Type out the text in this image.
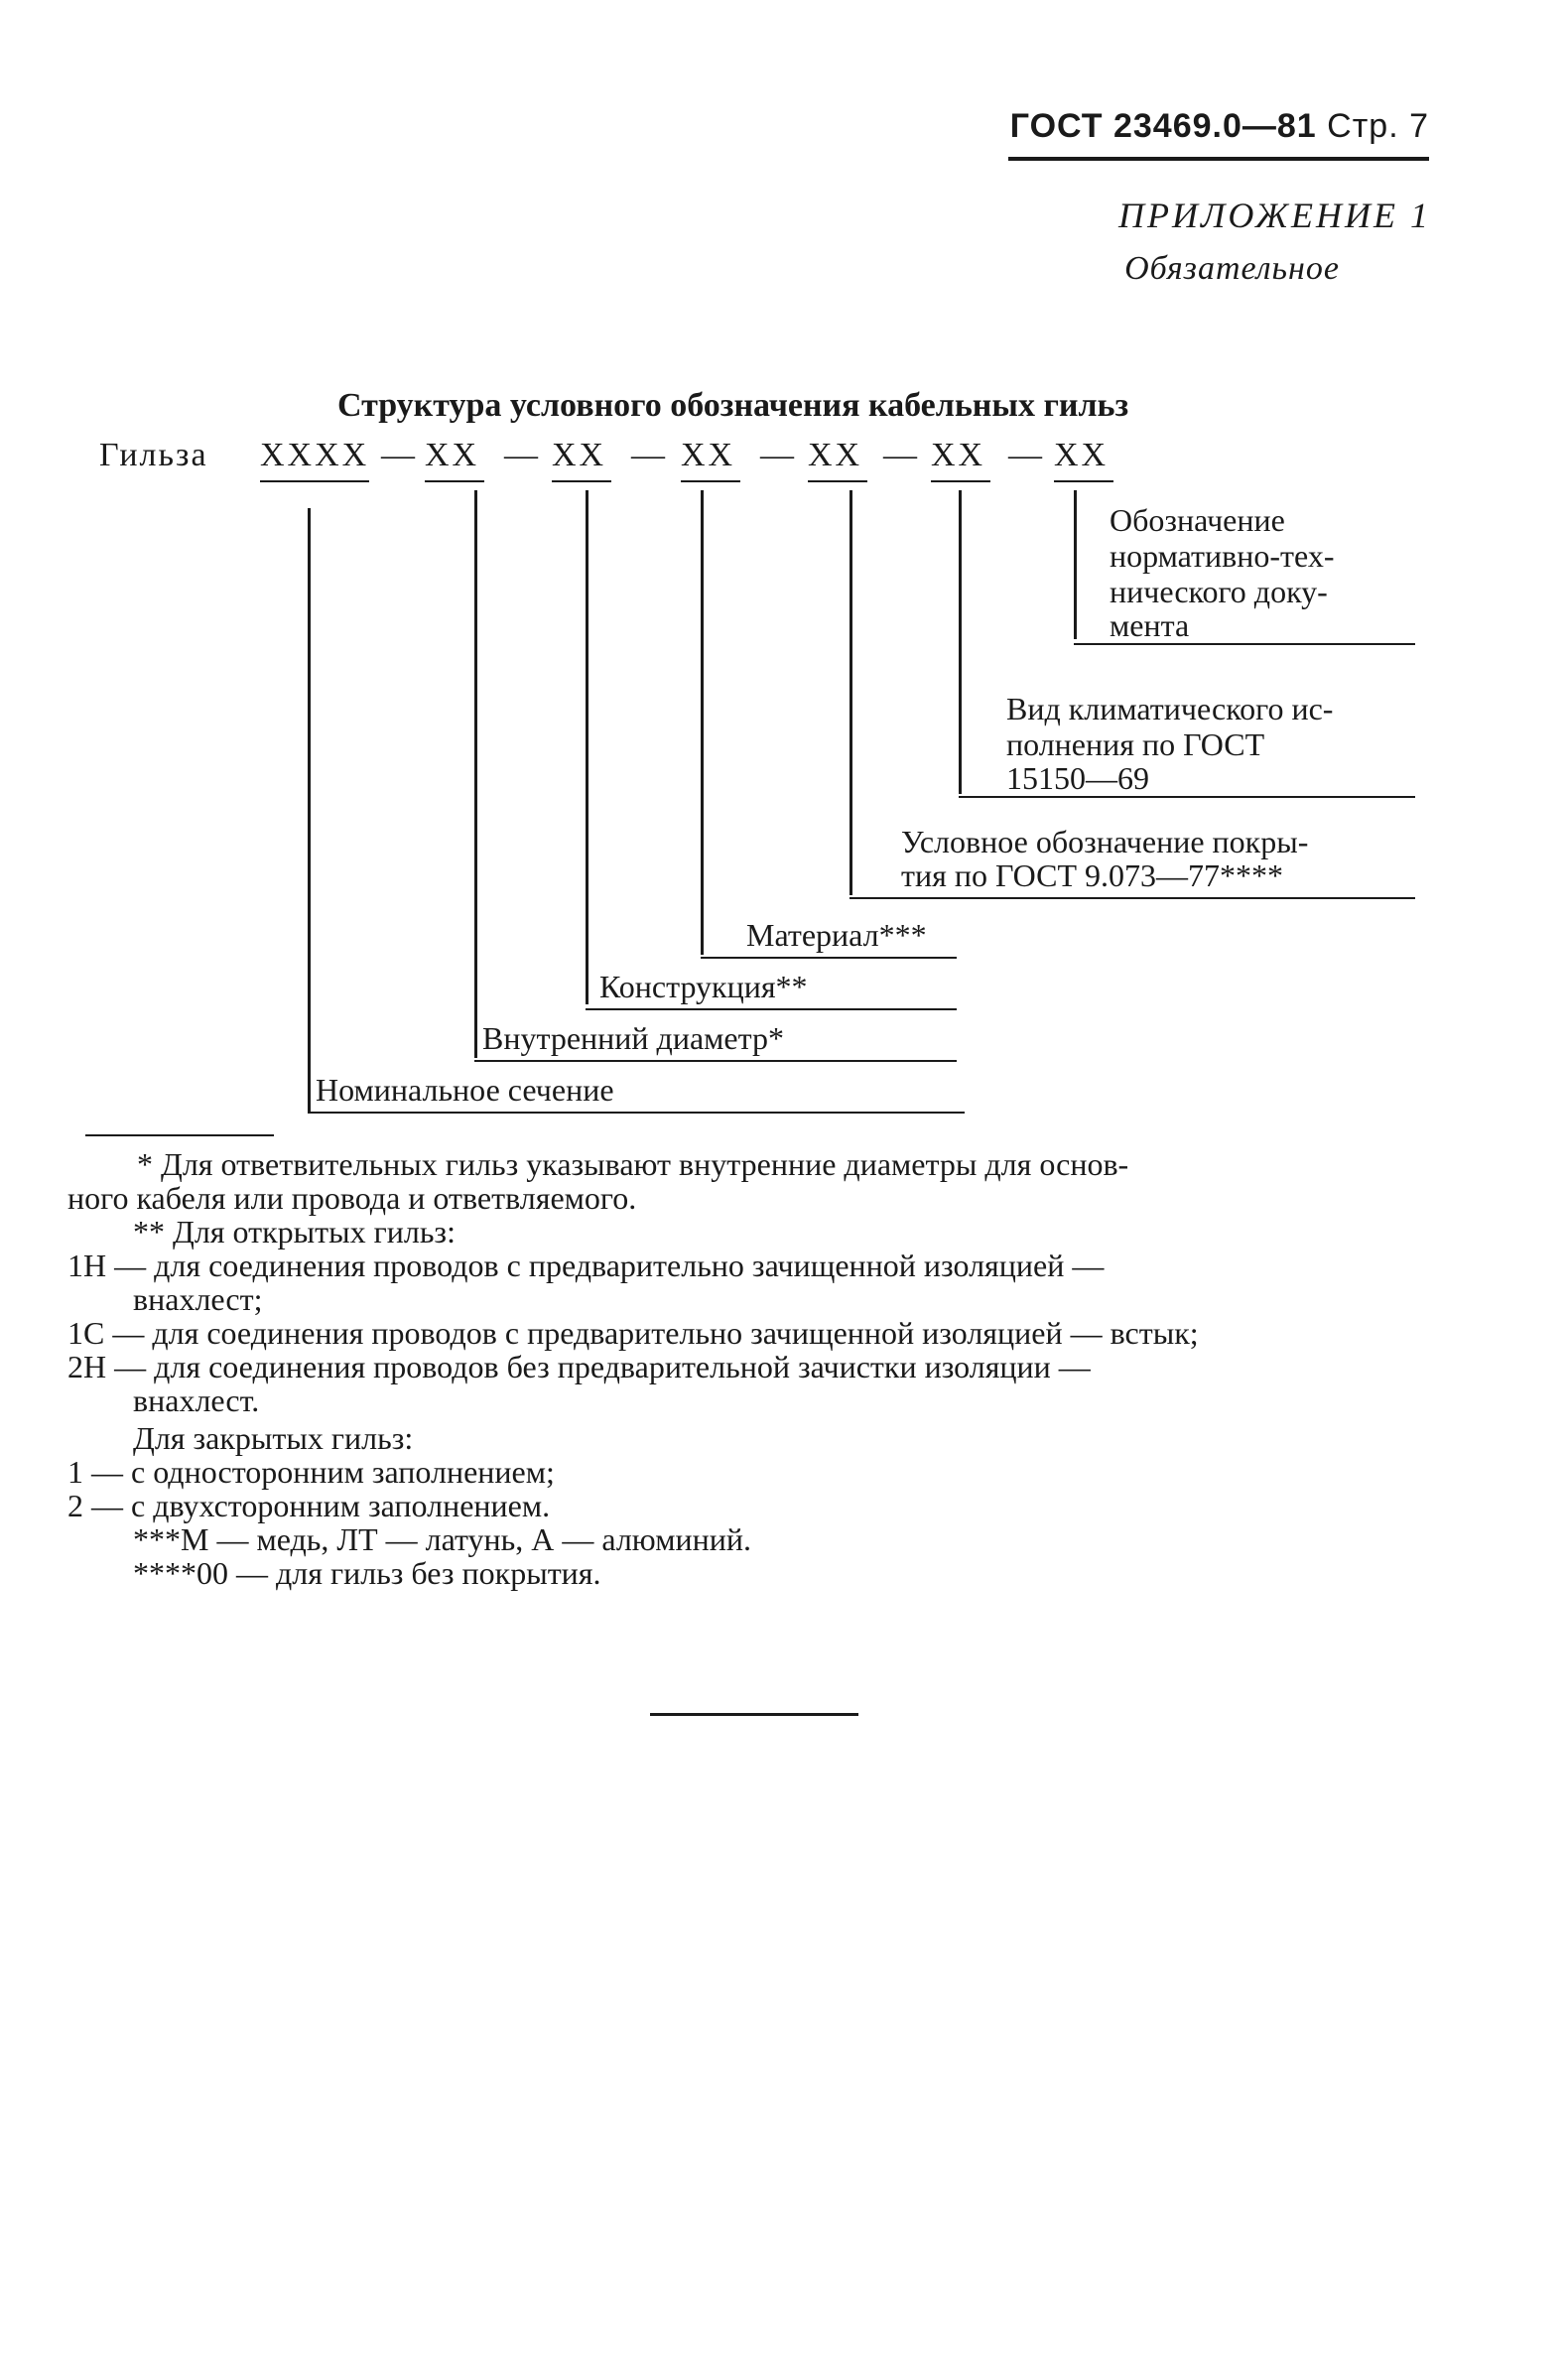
ГОСТ 23469.0—81 Стр. 7
ПРИЛОЖЕНИЕ 1
Обязательное
Структура условного обозначения кабельных гильз
Гильза XXXX — XX — XX — XX — XX — XX — XX
Обозначение
нормативно-тех-
нического доку-
мента
Вид климатического ис-
полнения по ГОСТ
15150—69
Условное обозначение покры-
тия по ГОСТ 9.073—77****
Материал***
Конструкция**
Внутренний диаметр*
Номинальное сечение
* Для ответвительных гильз указывают внутренние диаметры для основ-
ного кабеля или провода и ответвляемого.
** Для открытых гильз:
1Н — для соединения проводов с предварительно зачищенной изоляцией —
внахлест;
1С — для соединения проводов с предварительно зачищенной изоляцией — встык;
2Н — для соединения проводов без предварительной зачистки изоляции —
внахлест.
Для закрытых гильз:
1 — с односторонним заполнением;
2 — с двухсторонним заполнением.
***М — медь, ЛТ — латунь, А — алюминий.
****00 — для гильз без покрытия.
